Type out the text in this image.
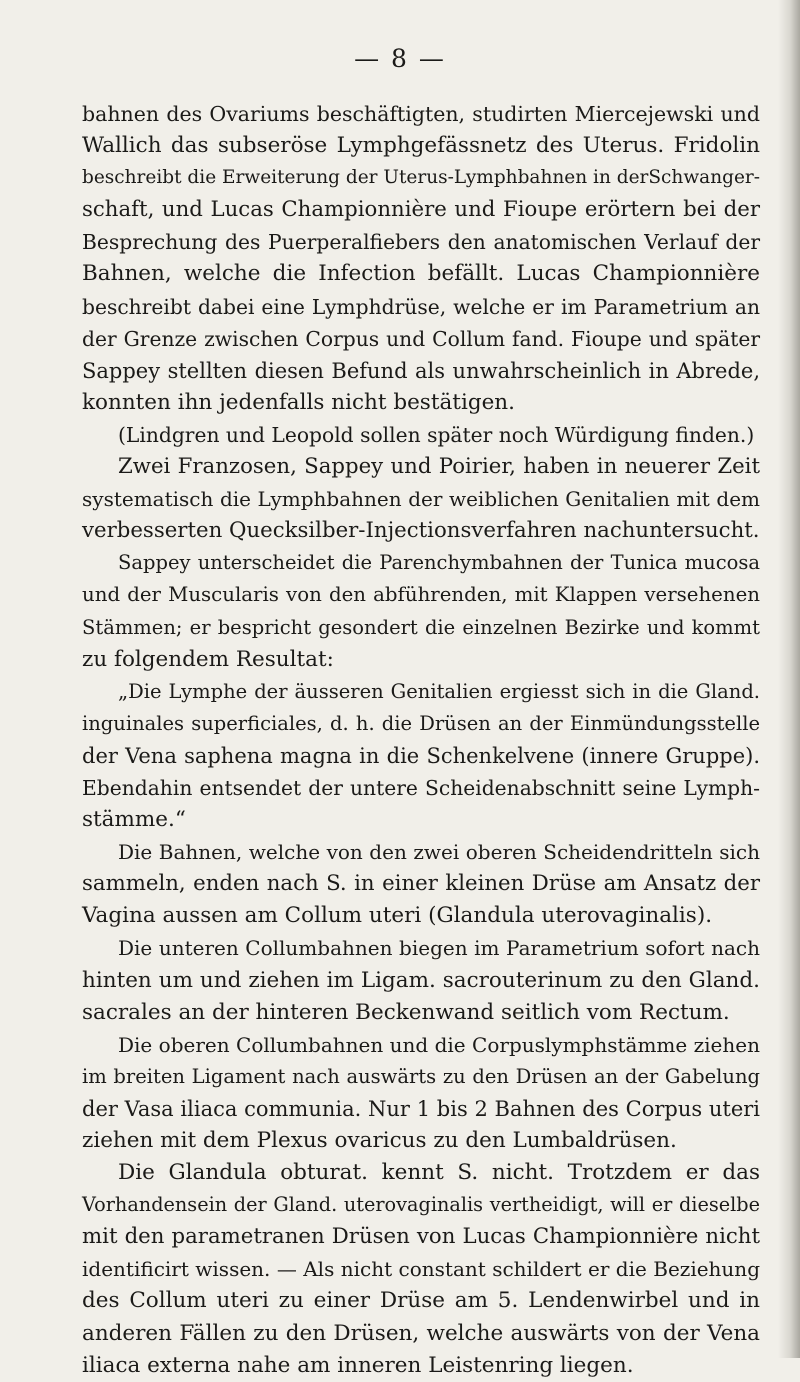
— 8 —
bahnen des Ovariums beschäftigten, studirten Miercejewski und
Wallich das subseröse Lymphgefässnetz des Uterus. Fridolin
beschreibt die Erweiterung der Uterus-Lymphbahnen in derSchwanger-
schaft, und Lucas Championnière und Fioupe erörtern bei der
Besprechung des Puerperalfiebers den anatomischen Verlauf der
Bahnen, welche die Infection befällt. Lucas Championnière
beschreibt dabei eine Lymphdrüse, welche er im Parametrium an
der Grenze zwischen Corpus und Collum fand. Fioupe und später
Sappey stellten diesen Befund als unwahrscheinlich in Abrede,
konnten ihn jedenfalls nicht bestätigen.
(Lindgren und Leopold sollen später noch Würdigung finden.)
Zwei Franzosen, Sappey und Poirier, haben in neuerer Zeit
systematisch die Lymphbahnen der weiblichen Genitalien mit dem
verbesserten Quecksilber-Injectionsverfahren nachuntersucht.
Sappey unterscheidet die Parenchymbahnen der Tunica mucosa
und der Muscularis von den abführenden, mit Klappen versehenen
Stämmen; er bespricht gesondert die einzelnen Bezirke und kommt
zu folgendem Resultat:
„Die Lymphe der äusseren Genitalien ergiesst sich in die Gland.
inguinales superficiales, d. h. die Drüsen an der Einmündungsstelle
der Vena saphena magna in die Schenkelvene (innere Gruppe).
Ebendahin entsendet der untere Scheidenabschnitt seine Lymph-
stämme.“
Die Bahnen, welche von den zwei oberen Scheidendritteln sich
sammeln, enden nach S. in einer kleinen Drüse am Ansatz der
Vagina aussen am Collum uteri (Glandula uterovaginalis).
Die unteren Collumbahnen biegen im Parametrium sofort nach
hinten um und ziehen im Ligam. sacrouterinum zu den Gland.
sacrales an der hinteren Beckenwand seitlich vom Rectum.
Die oberen Collumbahnen und die Corpuslymphstämme ziehen
im breiten Ligament nach auswärts zu den Drüsen an der Gabelung
der Vasa iliaca communia. Nur 1 bis 2 Bahnen des Corpus uteri
ziehen mit dem Plexus ovaricus zu den Lumbaldrüsen.
Die Glandula obturat. kennt S. nicht. Trotzdem er das
Vorhandensein der Gland. uterovaginalis vertheidigt, will er dieselbe
mit den parametranen Drüsen von Lucas Championnière nicht
identificirt wissen. — Als nicht constant schildert er die Beziehung
des Collum uteri zu einer Drüse am 5. Lendenwirbel und in
anderen Fällen zu den Drüsen, welche auswärts von der Vena
iliaca externa nahe am inneren Leistenring liegen.
